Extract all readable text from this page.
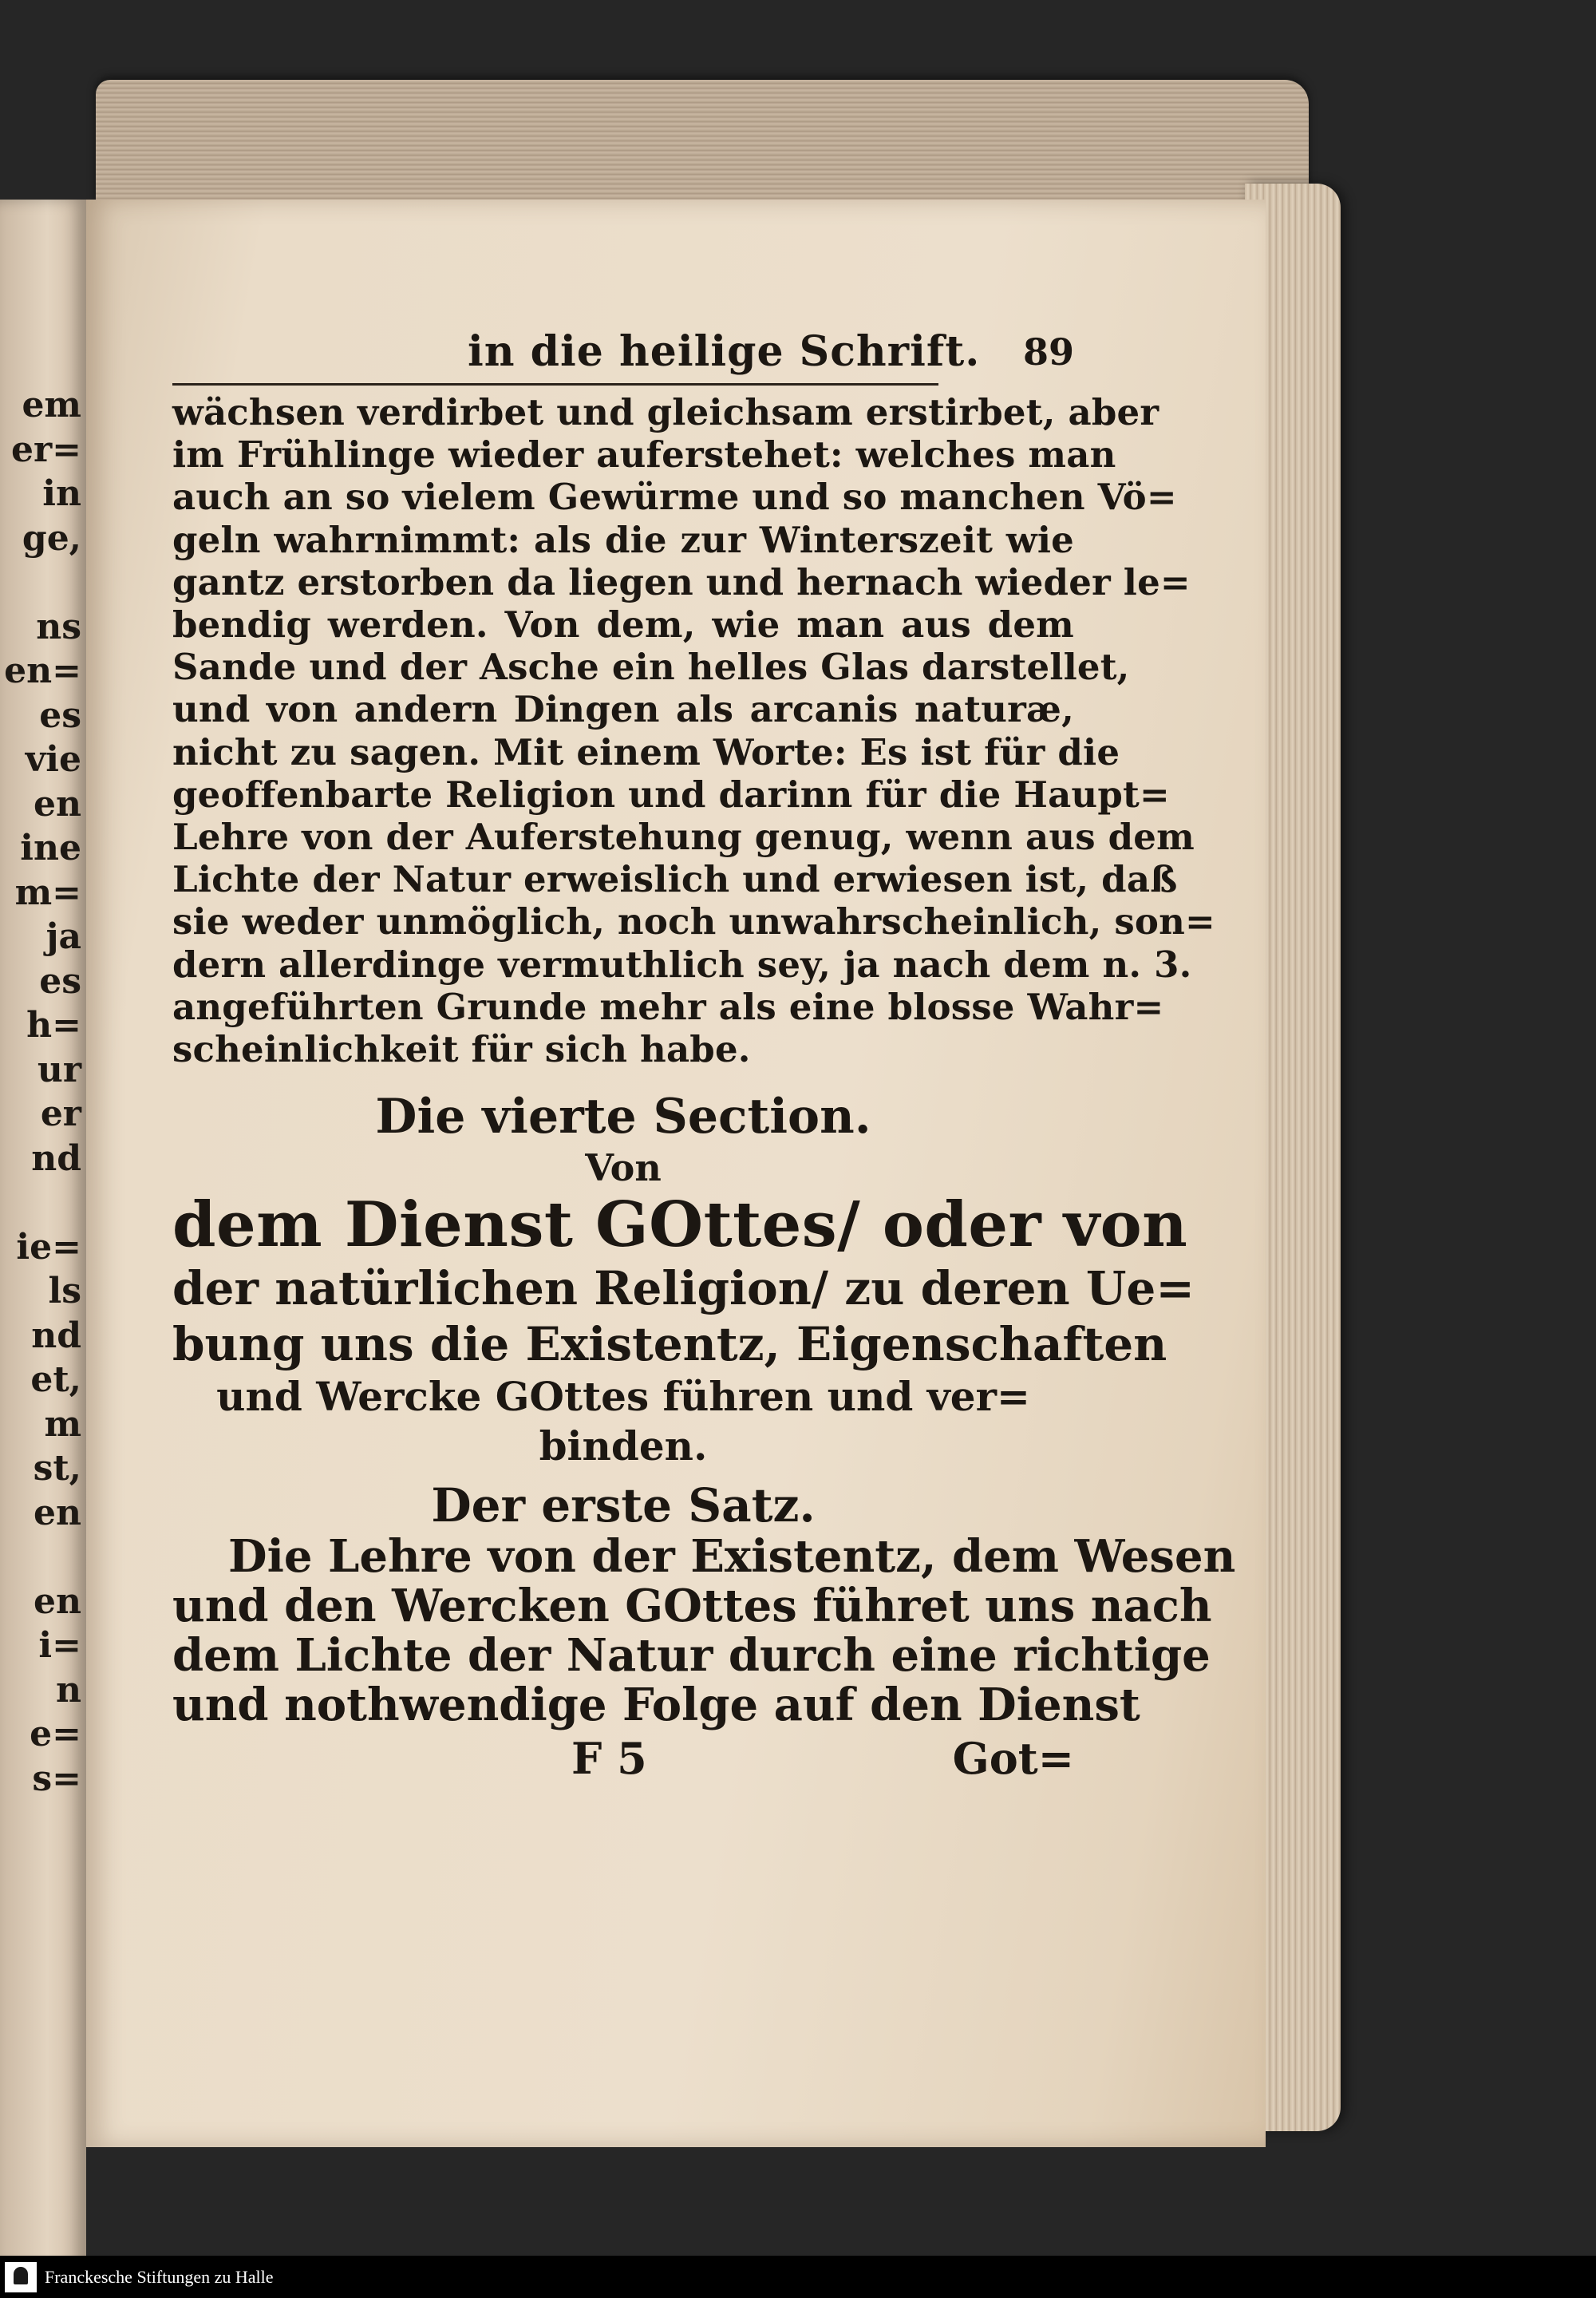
em
er=
in
ge,

ns
en=
es
vie
en
ine
m=
ja
es
h=
ur
er
nd

ie=
ls
nd
et,
m
st,
en

en
i=
n
e=
s=
in die heilige Schrift. 89
wächsen verdirbet und gleichsam erstirbet, aber
im Frühlinge wieder auferstehet: welches man
auch an so vielem Gewürme und so manchen Vö=
geln wahrnimmt: als die zur Winterszeit wie
gantz erstorben da liegen und hernach wieder le=
bendig werden. Von dem, wie man aus dem
Sande und der Asche ein helles Glas darstellet,
und von andern Dingen als arcanis naturæ,
nicht zu sagen. Mit einem Worte: Es ist für die
geoffenbarte Religion und darinn für die Haupt=
Lehre von der Auferstehung genug, wenn aus dem
Lichte der Natur erweislich und erwiesen ist, daß
sie weder unmöglich, noch unwahrscheinlich, son=
dern allerdinge vermuthlich sey, ja nach dem n. 3.
angeführten Grunde mehr als eine blosse Wahr=
scheinlichkeit für sich habe.
Die vierte Section.
Von
dem Dienst GOttes/ oder von
der natürlichen Religion/ zu deren Ue=
bung uns die Existentz, Eigenschaften
und Wercke GOttes führen und ver=
binden.
Der erste Satz.
Die Lehre von der Existentz, dem Wesen
und den Wercken GOttes führet uns nach
dem Lichte der Natur durch eine richtige
und nothwendige Folge auf den Dienst
F 5	Got=
Franckesche Stiftungen zu Halle
